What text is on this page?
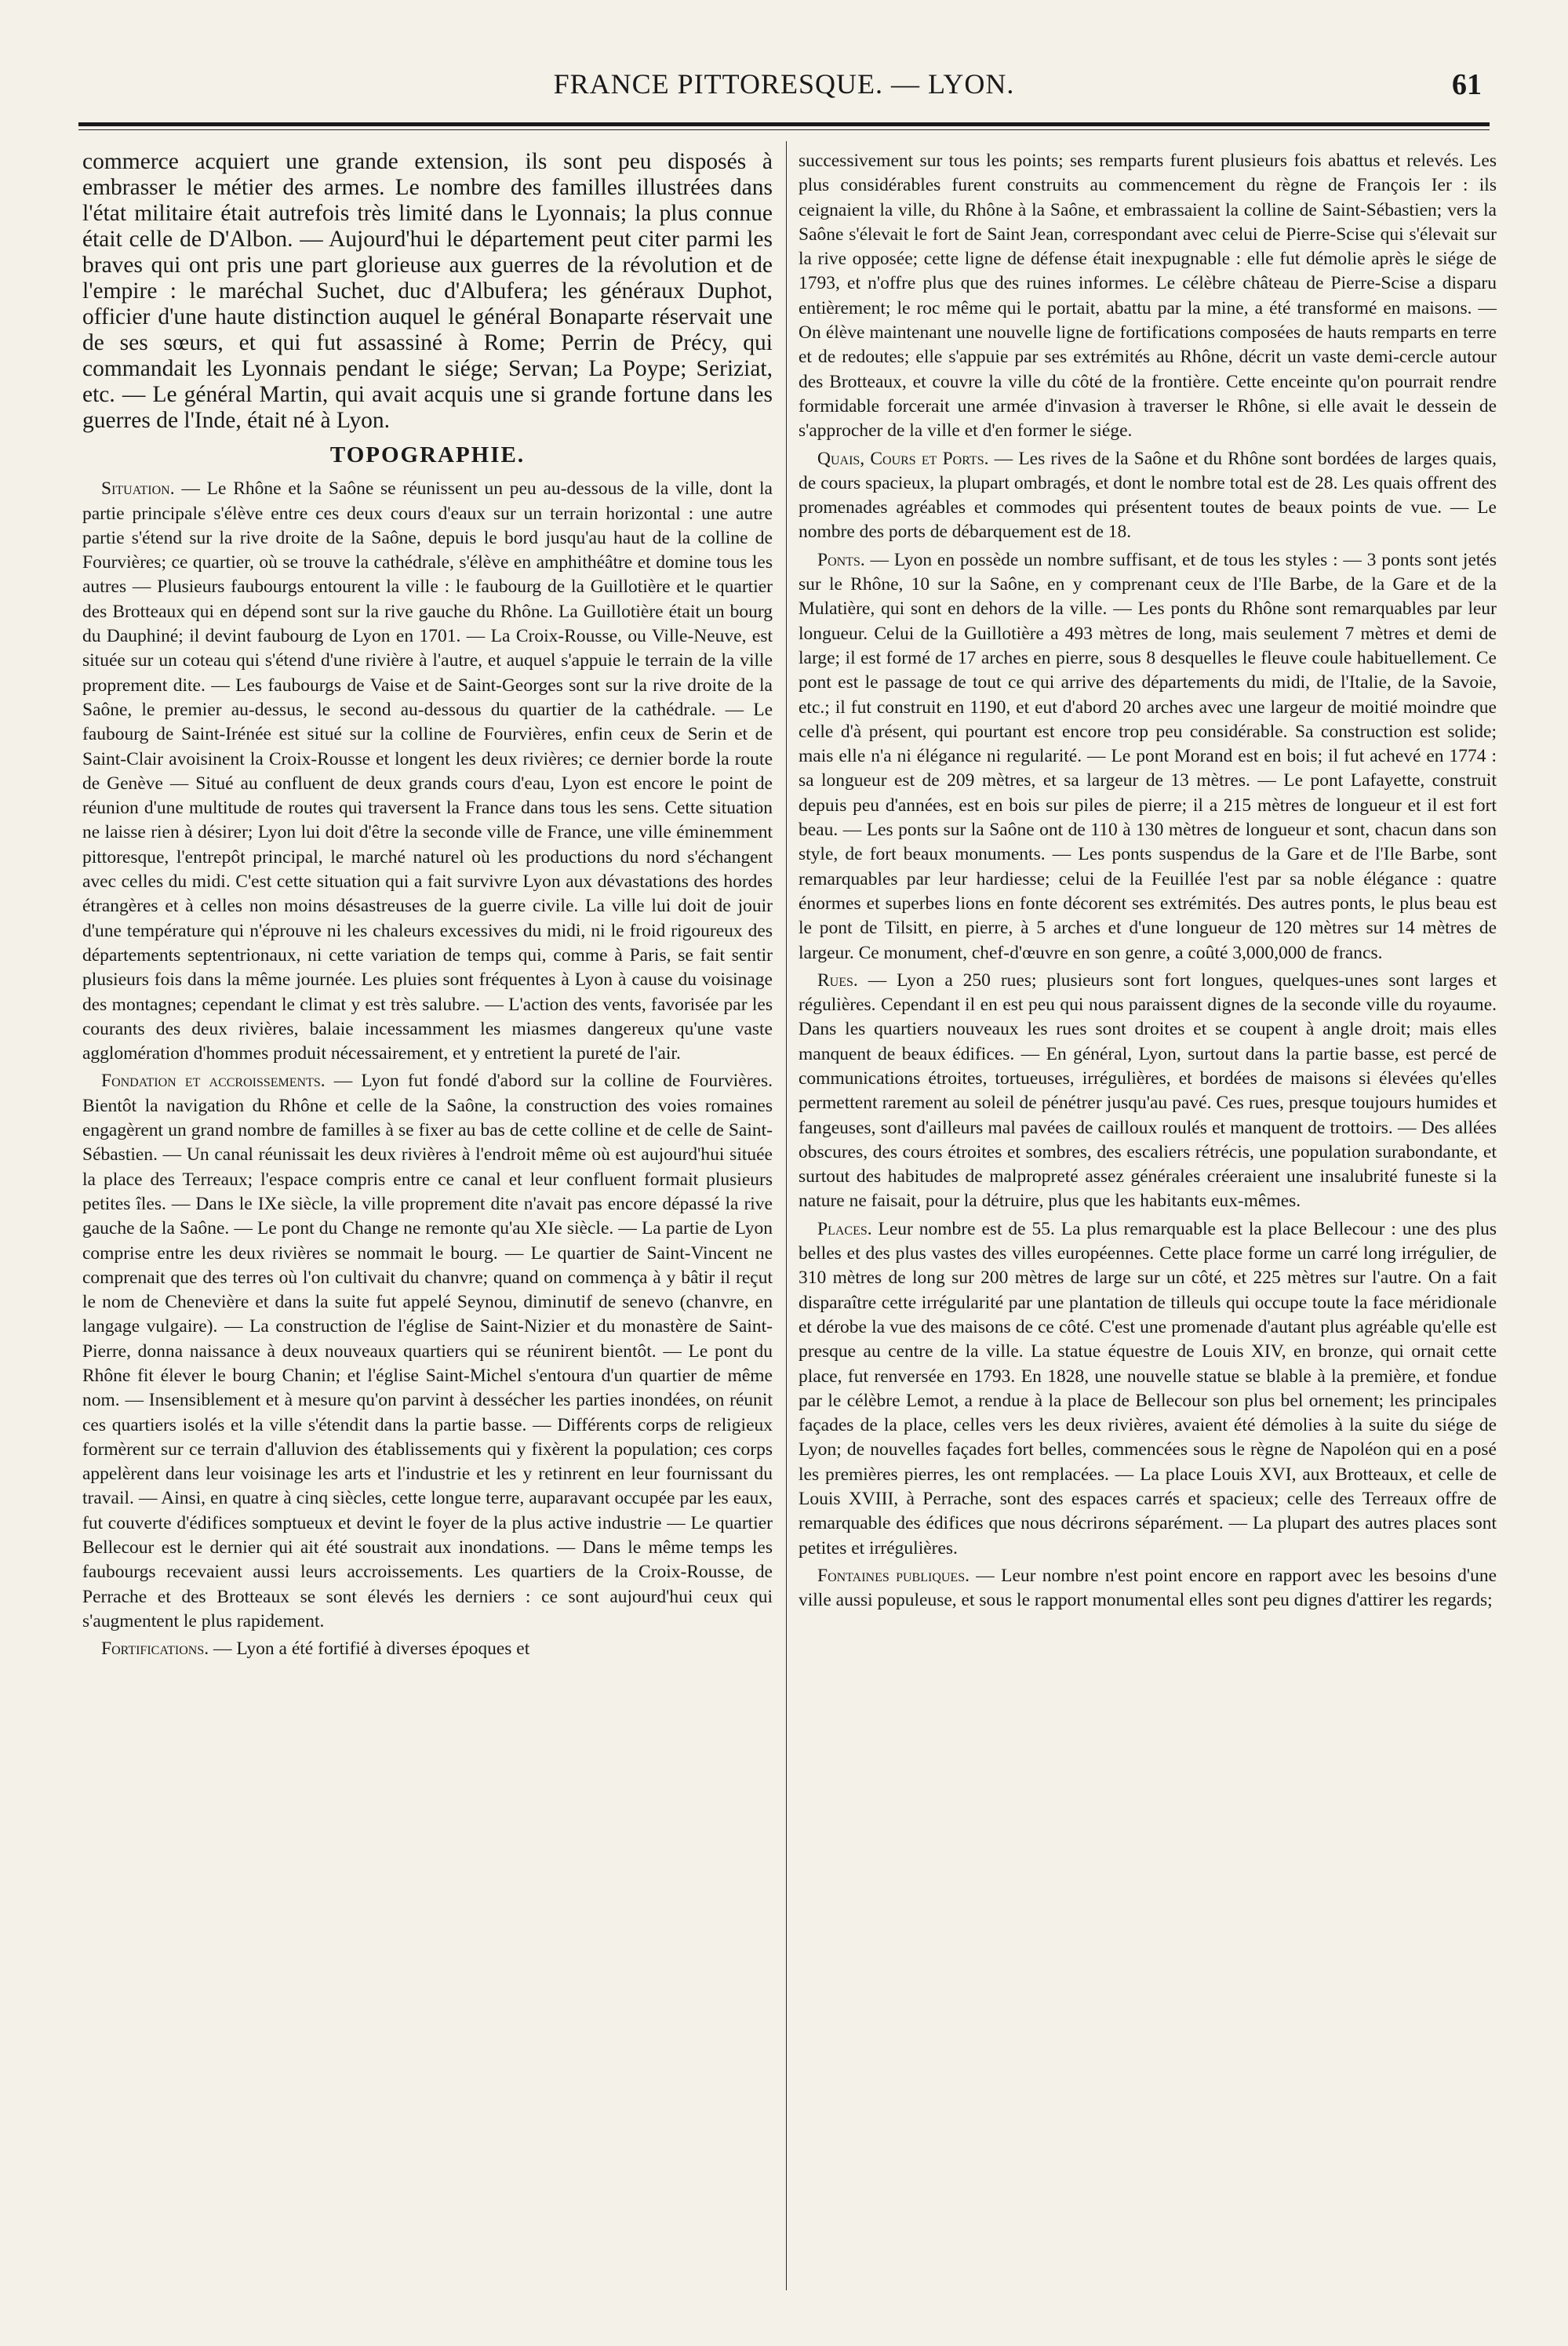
FRANCE PITTORESQUE. — LYON.	61

commerce acquiert une grande extension, ils sont peu disposés à embrasser le métier des armes. Le nombre des familles illustrées dans l'état militaire était autrefois très limité dans le Lyonnais; la plus connue était celle de D'Albon. — Aujourd'hui le département peut citer parmi les braves qui ont pris une part glorieuse aux guerres de la révolution et de l'empire : le maréchal Suchet, duc d'Albufera; les généraux Duphot, officier d'une haute distinction auquel le général Bonaparte réservait une de ses sœurs, et qui fut assassiné à Rome; Perrin de Précy, qui commandait les Lyonnais pendant le siége; Servan; La Poype; Seriziat, etc. — Le général Martin, qui avait acquis une si grande fortune dans les guerres de l'Inde, était né à Lyon.

TOPOGRAPHIE.

Situation. — Le Rhône et la Saône se réunissent un peu au-dessous de la ville, dont la partie principale s'élève entre ces deux cours d'eaux sur un terrain horizontal : une autre partie s'étend sur la rive droite de la Saône, depuis le bord jusqu'au haut de la colline de Fourvières; ce quartier, où se trouve la cathédrale, s'élève en amphithéâtre et domine tous les autres — Plusieurs faubourgs entourent la ville : le faubourg de la Guillotière et le quartier des Brotteaux qui en dépend sont sur la rive gauche du Rhône. La Guillotière était un bourg du Dauphiné; il devint faubourg de Lyon en 1701. — La Croix-Rousse, ou Ville-Neuve, est située sur un coteau qui s'étend d'une rivière à l'autre, et auquel s'appuie le terrain de la ville proprement dite. — Les faubourgs de Vaise et de Saint-Georges sont sur la rive droite de la Saône, le premier au-dessus, le second au-dessous du quartier de la cathédrale. — Le faubourg de Saint-Irénée est situé sur la colline de Fourvières, enfin ceux de Serin et de Saint-Clair avoisinent la Croix-Rousse et longent les deux rivières; ce dernier borde la route de Genève — Situé au confluent de deux grands cours d'eau, Lyon est encore le point de réunion d'une multitude de routes qui traversent la France dans tous les sens. Cette situation ne laisse rien à désirer; Lyon lui doit d'être la seconde ville de France, une ville éminemment pittoresque, l'entrepôt principal, le marché naturel où les productions du nord s'échangent avec celles du midi. C'est cette situation qui a fait survivre Lyon aux dévastations des hordes étrangères et à celles non moins désastreuses de la guerre civile. La ville lui doit de jouir d'une température qui n'éprouve ni les chaleurs excessives du midi, ni le froid rigoureux des départements septentrionaux, ni cette variation de temps qui, comme à Paris, se fait sentir plusieurs fois dans la même journée. Les pluies sont fréquentes à Lyon à cause du voisinage des montagnes; cependant le climat y est très salubre. — L'action des vents, favorisée par les courants des deux rivières, balaie incessamment les miasmes dangereux qu'une vaste agglomération d'hommes produit nécessairement, et y entretient la pureté de l'air.

Fondation et accroissements. — Lyon fut fondé d'abord sur la colline de Fourvières. Bientôt la navigation du Rhône et celle de la Saône, la construction des voies romaines engagèrent un grand nombre de familles à se fixer au bas de cette colline et de celle de Saint-Sébastien. — Un canal réunissait les deux rivières à l'endroit même où est aujourd'hui située la place des Terreaux; l'espace compris entre ce canal et leur confluent formait plusieurs petites îles. — Dans le IXe siècle, la ville proprement dite n'avait pas encore dépassé la rive gauche de la Saône. — Le pont du Change ne remonte qu'au XIe siècle. — La partie de Lyon comprise entre les deux rivières se nommait le bourg. — Le quartier de Saint-Vincent ne comprenait que des terres où l'on cultivait du chanvre; quand on commença à y bâtir il reçut le nom de Chenevière et dans la suite fut appelé Seynou, diminutif de senevo (chanvre, en langage vulgaire). — La construction de l'église de Saint-Nizier et du monastère de Saint-Pierre, donna naissance à deux nouveaux quartiers qui se réunirent bientôt. — Le pont du Rhône fit élever le bourg Chanin; et l'église Saint-Michel s'entoura d'un quartier de même nom. — Insensiblement et à mesure qu'on parvint à dessécher les parties inondées, on réunit ces quartiers isolés et la ville s'étendit dans la partie basse. — Différents corps de religieux formèrent sur ce terrain d'alluvion des établissements qui y fixèrent la population; ces corps appelèrent dans leur voisinage les arts et l'industrie et les y retinrent en leur fournissant du travail. — Ainsi, en quatre à cinq siècles, cette longue terre, auparavant occupée par les eaux, fut couverte d'édifices somptueux et devint le foyer de la plus active industrie — Le quartier Bellecour est le dernier qui ait été soustrait aux inondations. — Dans le même temps les faubourgs recevaient aussi leurs accroissements. Les quartiers de la Croix-Rousse, de Perrache et des Brotteaux se sont élevés les derniers : ce sont aujourd'hui ceux qui s'augmentent le plus rapidement.

Fortifications. — Lyon a été fortifié à diverses époques et

successivement sur tous les points; ses remparts furent plusieurs fois abattus et relevés. Les plus considérables furent construits au commencement du règne de François Ier : ils ceignaient la ville, du Rhône à la Saône, et embrassaient la colline de Saint-Sébastien; vers la Saône s'élevait le fort de Saint Jean, correspondant avec celui de Pierre-Scise qui s'élevait sur la rive opposée; cette ligne de défense était inexpugnable : elle fut démolie après le siége de 1793, et n'offre plus que des ruines informes. Le célèbre château de Pierre-Scise a disparu entièrement; le roc même qui le portait, abattu par la mine, a été transformé en maisons. — On élève maintenant une nouvelle ligne de fortifications composées de hauts remparts en terre et de redoutes; elle s'appuie par ses extrémités au Rhône, décrit un vaste demi-cercle autour des Brotteaux, et couvre la ville du côté de la frontière. Cette enceinte qu'on pourrait rendre formidable forcerait une armée d'invasion à traverser le Rhône, si elle avait le dessein de s'approcher de la ville et d'en former le siége.

Quais, Cours et Ports. — Les rives de la Saône et du Rhône sont bordées de larges quais, de cours spacieux, la plupart ombragés, et dont le nombre total est de 28. Les quais offrent des promenades agréables et commodes qui présentent toutes de beaux points de vue. — Le nombre des ports de débarquement est de 18.

Ponts. — Lyon en possède un nombre suffisant, et de tous les styles : — 3 ponts sont jetés sur le Rhône, 10 sur la Saône, en y comprenant ceux de l'Ile Barbe, de la Gare et de la Mulatière, qui sont en dehors de la ville. — Les ponts du Rhône sont remarquables par leur longueur. Celui de la Guillotière a 493 mètres de long, mais seulement 7 mètres et demi de large; il est formé de 17 arches en pierre, sous 8 desquelles le fleuve coule habituellement. Ce pont est le passage de tout ce qui arrive des départements du midi, de l'Italie, de la Savoie, etc.; il fut construit en 1190, et eut d'abord 20 arches avec une largeur de moitié moindre que celle d'à présent, qui pourtant est encore trop peu considérable. Sa construction est solide; mais elle n'a ni élégance ni regularité. — Le pont Morand est en bois; il fut achevé en 1774 : sa longueur est de 209 mètres, et sa largeur de 13 mètres. — Le pont Lafayette, construit depuis peu d'années, est en bois sur piles de pierre; il a 215 mètres de longueur et il est fort beau. — Les ponts sur la Saône ont de 110 à 130 mètres de longueur et sont, chacun dans son style, de fort beaux monuments. — Les ponts suspendus de la Gare et de l'Ile Barbe, sont remarquables par leur hardiesse; celui de la Feuillée l'est par sa noble élégance : quatre énormes et superbes lions en fonte décorent ses extrémités. Des autres ponts, le plus beau est le pont de Tilsitt, en pierre, à 5 arches et d'une longueur de 120 mètres sur 14 mètres de largeur. Ce monument, chef-d'œuvre en son genre, a coûté 3,000,000 de francs.

Rues. — Lyon a 250 rues; plusieurs sont fort longues, quelques-unes sont larges et régulières. Cependant il en est peu qui nous paraissent dignes de la seconde ville du royaume. Dans les quartiers nouveaux les rues sont droites et se coupent à angle droit; mais elles manquent de beaux édifices. — En général, Lyon, surtout dans la partie basse, est percé de communications étroites, tortueuses, irrégulières, et bordées de maisons si élevées qu'elles permettent rarement au soleil de pénétrer jusqu'au pavé. Ces rues, presque toujours humides et fangeuses, sont d'ailleurs mal pavées de cailloux roulés et manquent de trottoirs. — Des allées obscures, des cours étroites et sombres, des escaliers rétrécis, une population surabondante, et surtout des habitudes de malpropreté assez générales créeraient une insalubrité funeste si la nature ne faisait, pour la détruire, plus que les habitants eux-mêmes.

Places. Leur nombre est de 55. La plus remarquable est la place Bellecour : une des plus belles et des plus vastes des villes européennes. Cette place forme un carré long irrégulier, de 310 mètres de long sur 200 mètres de large sur un côté, et 225 mètres sur l'autre. On a fait disparaître cette irrégularité par une plantation de tilleuls qui occupe toute la face méridionale et dérobe la vue des maisons de ce côté. C'est une promenade d'autant plus agréable qu'elle est presque au centre de la ville. La statue équestre de Louis XIV, en bronze, qui ornait cette place, fut renversée en 1793. En 1828, une nouvelle statue se blable à la première, et fondue par le célèbre Lemot, a rendue à la place de Bellecour son plus bel ornement; les principales façades de la place, celles vers les deux rivières, avaient été démolies à la suite du siége de Lyon; de nouvelles façades fort belles, commencées sous le règne de Napoléon qui en a posé les premières pierres, les ont remplacées. — La place Louis XVI, aux Brotteaux, et celle de Louis XVIII, à Perrache, sont des espaces carrés et spacieux; celle des Terreaux offre de remarquable des édifices que nous décrirons séparément. — La plupart des autres places sont petites et irrégulières.

Fontaines publiques. — Leur nombre n'est point encore en rapport avec les besoins d'une ville aussi populeuse, et sous le rapport monumental elles sont peu dignes d'attirer les regards;
